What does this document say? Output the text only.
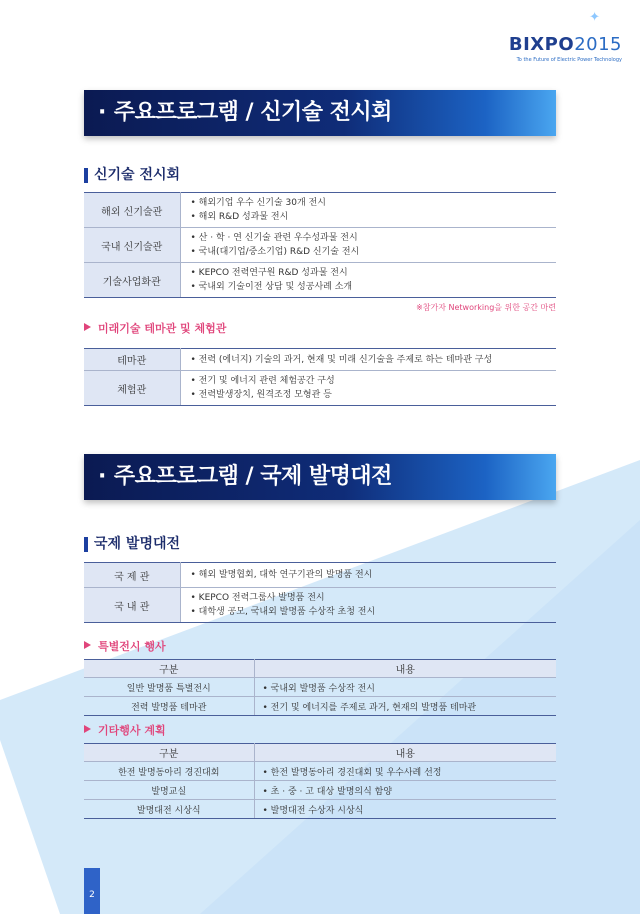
✦
BIXPO2015
To the Future of Electric Power Technology
· 주요프로그램 / 신기술 전시회
신기술 전시회
해외 신기술관	• 해외기업 우수 신기술 30개 전시
• 해외 R&D 성과물 전시

국내 신기술관	• 산 · 학 · 연 신기술 관련 우수성과물 전시
• 국내(대기업/중소기업) R&D 신기술 전시

기술사업화관	• KEPCO 전력연구원 R&D 성과물 전시
• 국내외 기술이전 상담 및 성공사례 소개
※참가자 Networking을 위한 공간 마련
미래기술 테마관 및 체험관
테마관	• 전력 (에너지) 기술의 과거, 현재 및 미래 신기술을 주제로 하는 테마관 구성

체험관	• 전기 및 에너지 관련 체험공간 구성
• 전력발생장치, 원격조정 모형관 등
· 주요프로그램 / 국제 발명대전
국제 발명대전
국 제 관	• 해외 발명협회, 대학 연구기관의 발명품 전시

국 내 관	• KEPCO 전력그룹사 발명품 전시
• 대학생 공모, 국내외 발명품 수상작 초청 전시
특별전시 행사
구분	내용
일반 발명품 특별전시	• 국내외 발명품 수상작 전시
전력 발명품 테마관	• 전기 및 에너지를 주제로 과거, 현재의 발명품 테마관
기타행사 계획
구분	내용
한전 발명동아리 경진대회	• 한전 발명동아리 경진대회 및 우수사례 선정
발명교실	• 초 · 중 · 고 대상 발명의식 함양
발명대전 시상식	• 발명대전 수상자 시상식
2
